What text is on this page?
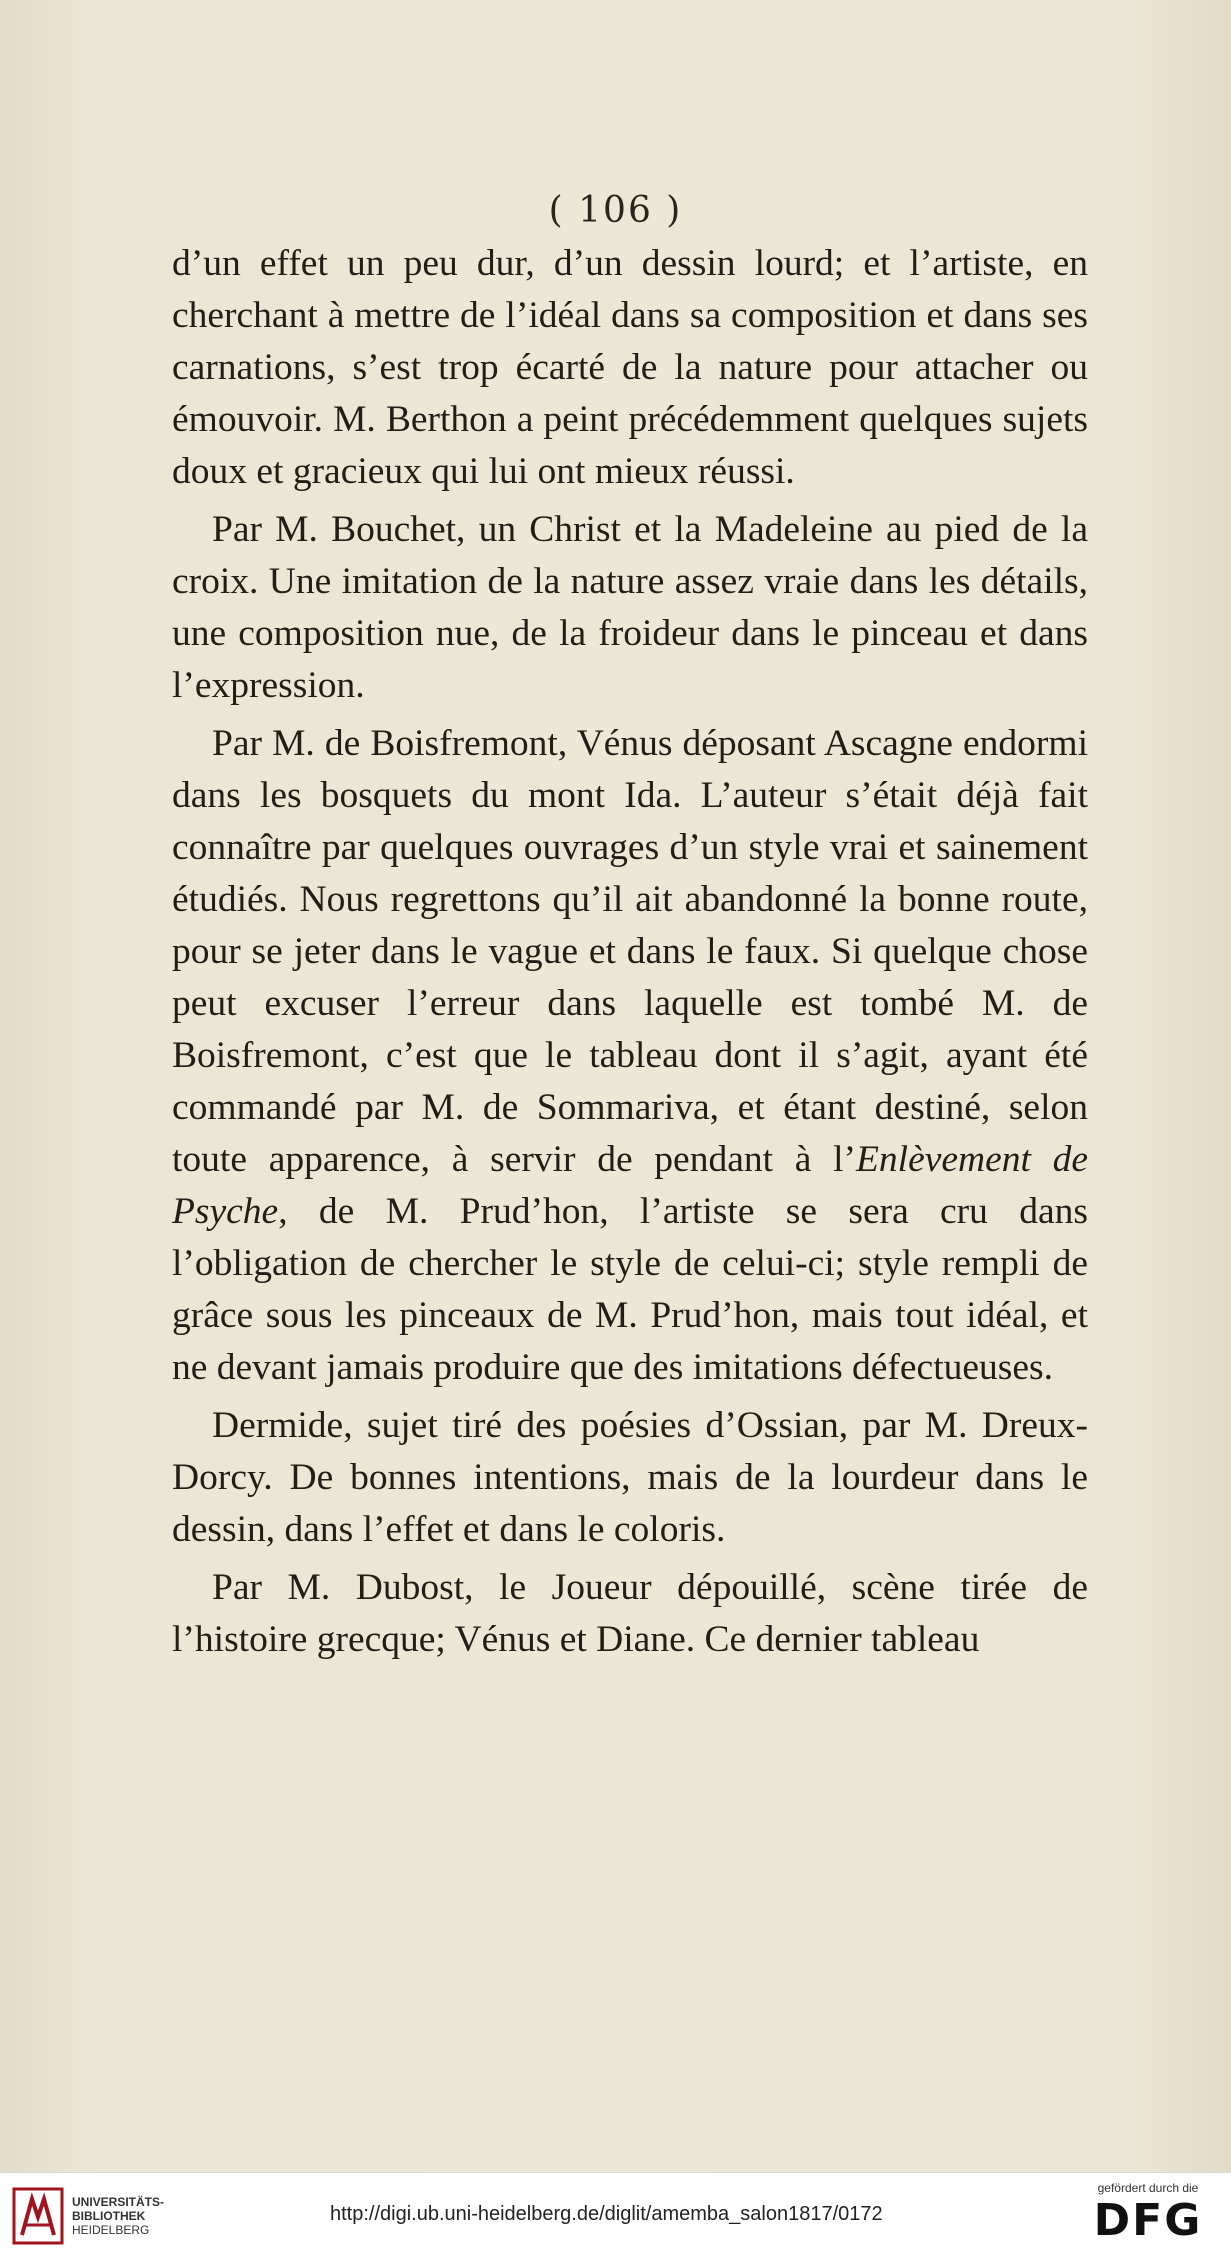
( 106 )

d’un effet un peu dur, d’un dessin lourd; et l’artiste, en cherchant à mettre de l’idéal dans sa composition et dans ses carnations, s’est trop écarté de la nature pour attacher ou émouvoir. M. Berthon a peint précédemment quelques sujets doux et gracieux qui lui ont mieux réussi.

Par M. Bouchet, un Christ et la Madeleine au pied de la croix. Une imitation de la nature assez vraie dans les détails, une composition nue, de la froideur dans le pinceau et dans l’expression.

Par M. de Boisfremont, Vénus déposant Ascagne endormi dans les bosquets du mont Ida. L’auteur s’était déjà fait connaître par quelques ouvrages d’un style vrai et sainement étudiés. Nous regrettons qu’il ait abandonné la bonne route, pour se jeter dans le vague et dans le faux. Si quelque chose peut excuser l’erreur dans laquelle est tombé M. de Boisfremont, c’est que le tableau dont il s’agit, ayant été commandé par M. de Sommariva, et étant destiné, selon toute apparence, à servir de pendant à l’Enlèvement de Psyche, de M. Prud’hon, l’artiste se sera cru dans l’obligation de chercher le style de celui-ci; style rempli de grâce sous les pinceaux de M. Prud’hon, mais tout idéal, et ne devant jamais produire que des imitations défectueuses.

Dermide, sujet tiré des poésies d’Ossian, par M. Dreux-Dorcy. De bonnes intentions, mais de la lourdeur dans le dessin, dans l’effet et dans le coloris.

Par M. Dubost, le Joueur dépouillé, scène tirée de l’histoire grecque; Vénus et Diane. Ce dernier tableau

UNIVERSITÄTS-
BIBLIOTHEK
HEIDELBERG
http://digi.ub.uni-heidelberg.de/diglit/amemba_salon1817/0172
gefördert durch die
DFG
